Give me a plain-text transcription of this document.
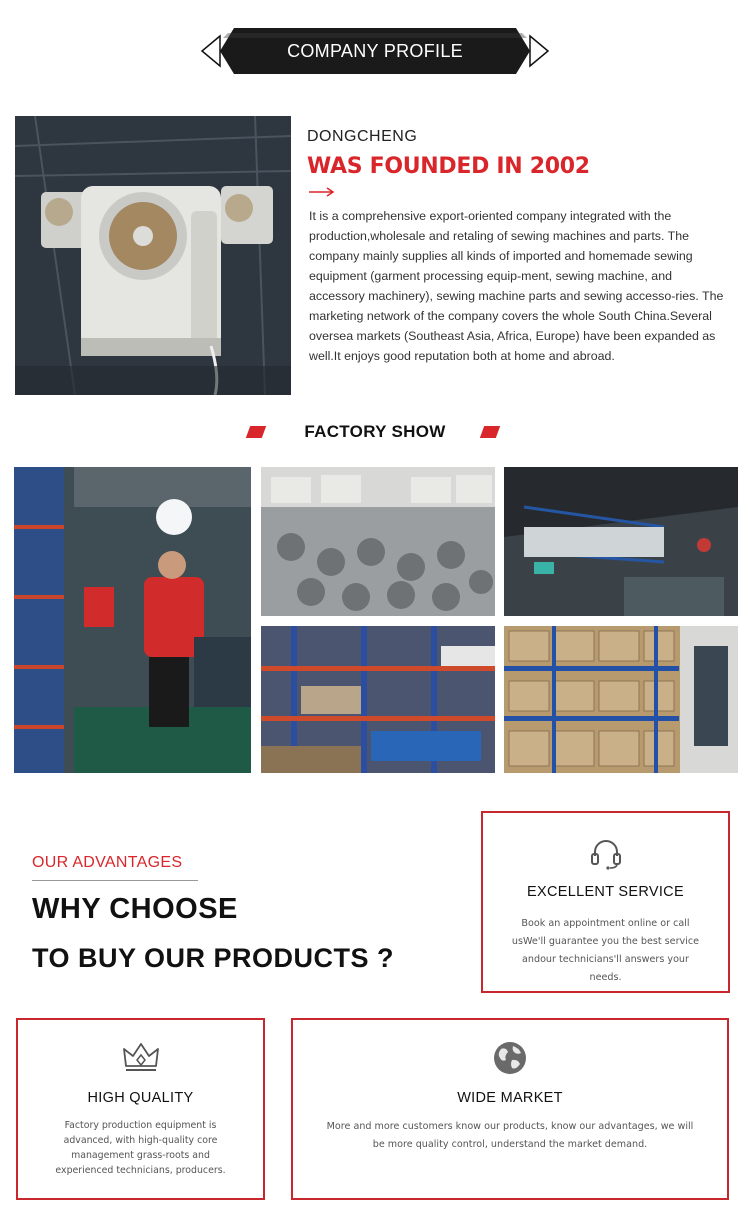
COMPANY PROFILE
DONGCHENG
WAS FOUNDED IN 2002
It is a comprehensive export-oriented company integrated with the production,wholesale and retaling of sewing machines and parts. The company mainly supplies all kinds of imported and homemade sewing equipment (garment processing equip-ment, sewing machine, and accessory machinery), sewing machine parts and sewing accesso-ries. The marketing network of the company covers the whole South China.Several oversea markets (Southeast Asia, Africa, Europe) have been expanded as well.It enjoys good reputation both at home and abroad.
FACTORY SHOW
OUR ADVANTAGES
WHY CHOOSE
TO BUY OUR PRODUCTS ?
EXCELLENT SERVICE
Book an appointment online or call usWe'll guarantee you the best service andour technicians'll answers your needs.
HIGH QUALITY
Factory production equipment is advanced, with high-quality core management grass-roots and experienced technicians, producers.
WIDE MARKET
More and more customers know our products, know our advantages, we will be more quality control, understand the market demand.
